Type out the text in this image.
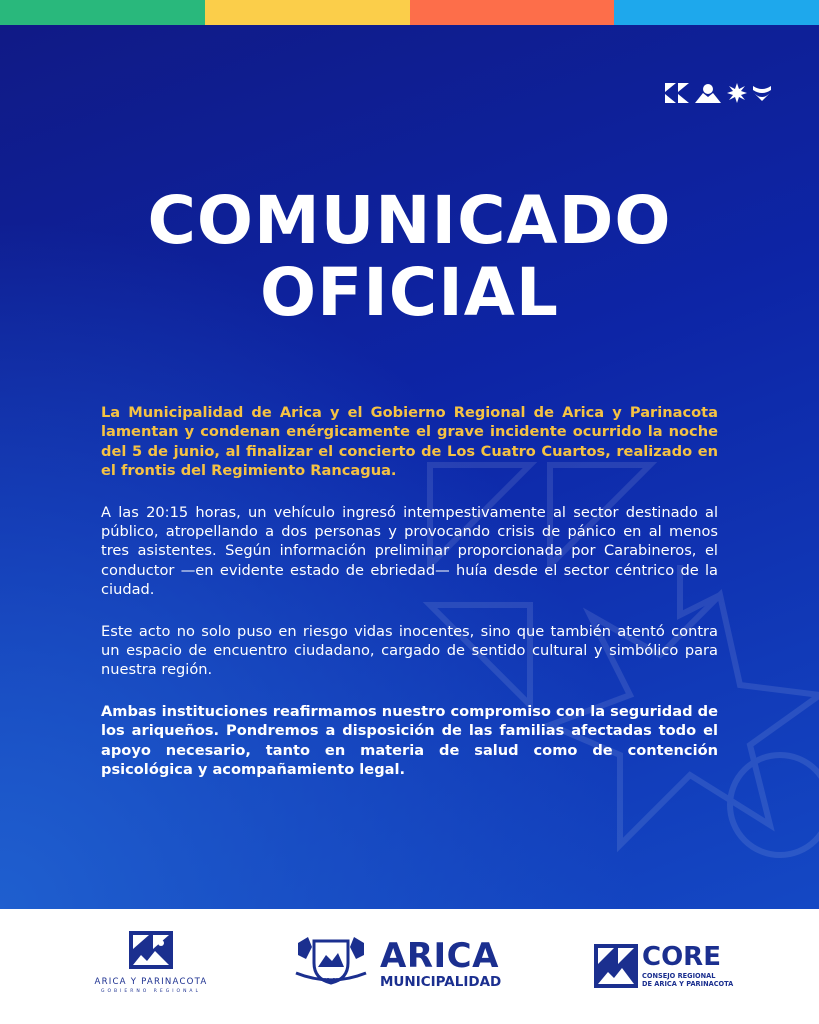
COMUNICADO
OFICIAL

La Municipalidad de Arica y el Gobierno Regional de Arica y Parinacota lamentan y condenan enérgicamente el grave incidente ocurrido la noche del 5 de junio, al finalizar el concierto de Los Cuatro Cuartos, realizado en el frontis del Regimiento Rancagua.

A las 20:15 horas, un vehículo ingresó intempestivamente al sector destinado al público, atropellando a dos personas y provocando crisis de pánico en al menos tres asistentes. Según información preliminar proporcionada por Carabineros, el conductor —en evidente estado de ebriedad— huía desde el sector céntrico de la ciudad.

Este acto no solo puso en riesgo vidas inocentes, sino que también atentó contra un espacio de encuentro ciudadano, cargado de sentido cultural y simbólico para nuestra región.

Ambas instituciones reafirmamos nuestro compromiso con la seguridad de los ariqueños. Pondremos a disposición de las familias afectadas todo el apoyo necesario, tanto en materia de salud como de contención psicológica y acompañamiento legal.

ARICA Y PARINACOTA
GOBIERNO REGIONAL
ARICA
ARICA
MUNICIPALIDAD
CORE
CONSEJO REGIONAL
DE ARICA Y PARINACOTA
